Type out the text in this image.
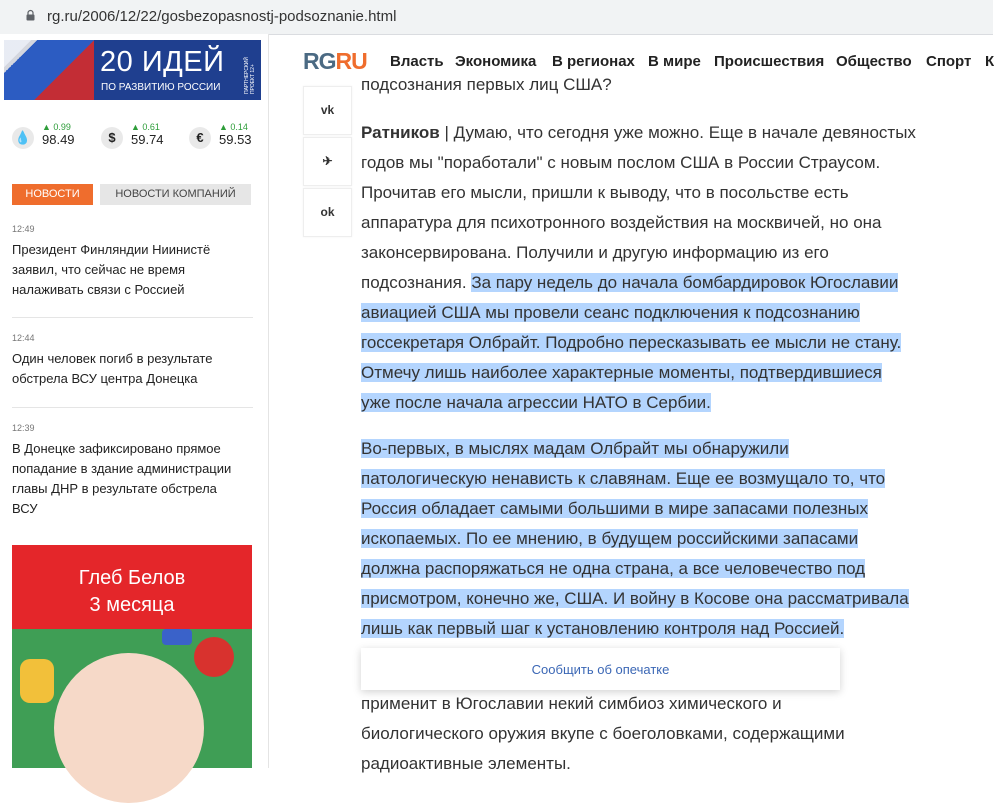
rg.ru/2006/12/22/gosbezopasnostj-podsoznanie.html
20 ИДЕЙ
ПО РАЗВИТИЮ РОССИИ	ПАРТНЕРСКИЙ ПРОЕКТ 12+
💧
▲ 0.99
98.49	$
▲ 0.61
59.74	€
▲ 0.14
59.53
НОВОСТИ	НОВОСТИ КОМПАНИЙ
12:49
Президент Финляндии Ниинистё
заявил, что сейчас не время
налаживать связи с Россией
12:44
Один человек погиб в результате
обстрела ВСУ центра Донецка
12:39
В Донецке зафиксировано прямое
попадание в здание администрации
главы ДНР в результате обстрела
ВСУ
Глеб Белов
3 месяца
RGRU Власть Экономика В регионах В мире Происшествия Общество Спорт К
vk
✈
ok
подсознания первых лиц США?
Ратников | Думаю, что сегодня уже можно. Еще в начале девяностых
годов мы "поработали" с новым послом США в России Страусом.
Прочитав его мысли, пришли к выводу, что в посольстве есть
аппаратура для психотронного воздействия на москвичей, но она
законсервирована. Получили и другую информацию из его
подсознания. За пару недель до начала бомбардировок Югославии
авиацией США мы провели сеанс подключения к подсознанию
госсекретаря Олбрайт. Подробно пересказывать ее мысли не стану.
Отмечу лишь наиболее характерные моменты, подтвердившиеся
уже после начала агрессии НАТО в Сербии.
Во-первых, в мыслях мадам Олбрайт мы обнаружили
патологическую ненависть к славянам. Еще ее возмущало то, что
Россия обладает самыми большими в мире запасами полезных
ископаемых. По ее мнению, в будущем российскими запасами
должна распоряжаться не одна страна, а все человечество под
присмотром, конечно же, США. И войну в Косове она рассматривала
лишь как первый шаг к установлению контроля над Россией.
применит в Югославии некий симбиоз химического и
биологического оружия вкупе с боеголовками, содержащими
радиоактивные элементы.
Сообщить об опечатке
